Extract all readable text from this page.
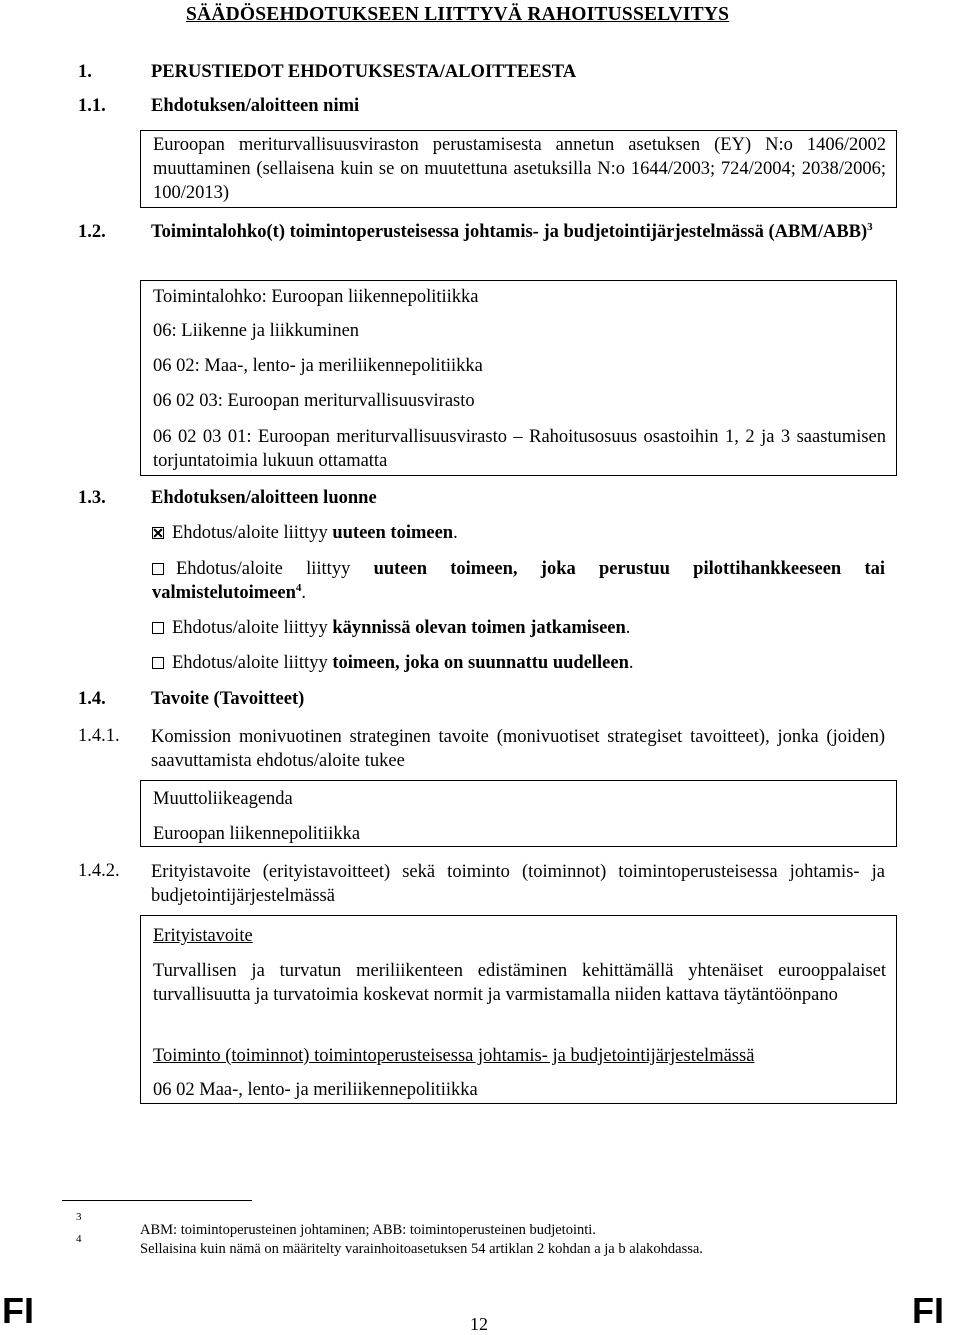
SÄÄDÖSEHDOTUKSEEN LIITTYVÄ RAHOITUSSELVITYS
1.	PERUSTIEDOT EHDOTUKSESTA/ALOITTEESTA
1.1. Ehdotuksen/aloitteen nimi
Euroopan meriturvallisuusviraston perustamisesta annetun asetuksen (EY) N:o 1406/2002 muuttaminen (sellaisena kuin se on muutettuna asetuksilla N:o 1644/2003; 724/2004; 2038/2006; 100/2013)
1.2. Toimintalohko(t) toimintoperusteisessa johtamis- ja budjetointijärjestelmässä $(ABM/ABB)^3$
Toimintalohko: Euroopan liikennepolitiikka
06: Liikenne ja liikkuminen
06 02: Maa-, lento- ja meriliikennepolitiikka
06 02 03: Euroopan meriturvallisuusvirasto
06 02 03 01: Euroopan meriturvallisuusvirasto – Rahoitusosuus osastoihin 1, 2 ja 3 saastumisen torjuntatoimia lukuun ottamatta
1.3. Ehdotuksen/aloitteen luonne
Ehdotus/aloite liittyy uuteen toimeen.
Ehdotus/aloite liittyy uuteen toimeen, joka perustuu pilottihankkeeseen tai valmistelutoimeen$^4$.
Ehdotus/aloite liittyy käynnissä olevan toimen jatkamiseen.
Ehdotus/aloite liittyy toimeen, joka on suunnattu uudelleen.
1.4. Tavoite (Tavoitteet)
1.4.1. Komission monivuotinen strateginen tavoite (monivuotiset strategiset tavoitteet), jonka (joiden) saavuttamista ehdotus/aloite tukee
Muuttoliikeagenda
Euroopan liikennepolitiikka
1.4.2. Erityistavoite (erityistavoitteet) sekä toiminto (toiminnot) toimintoperusteisessa johtamis- ja budjetointijärjestelmässä
Erityistavoite
Turvallisen ja turvatun meriliikenteen edistäminen kehittämällä yhtenäiset eurooppalaiset turvallisuutta ja turvatoimia koskevat normit ja varmistamalla niiden kattava täytäntöönpano
Toiminto (toiminnot) toimintoperusteisessa johtamis- ja budjetointijärjestelmässä
06 02 Maa-, lento- ja meriliikennepolitiikka
$^3$
ABM: toimintoperusteinen johtaminen; ABB: toimintoperusteinen budjetointi.
$^4$
Sellaisina kuin nämä on määritelty varainhoitoasetuksen 54 artiklan 2 kohdan a ja b alakohdassa.
FI	12	FI
